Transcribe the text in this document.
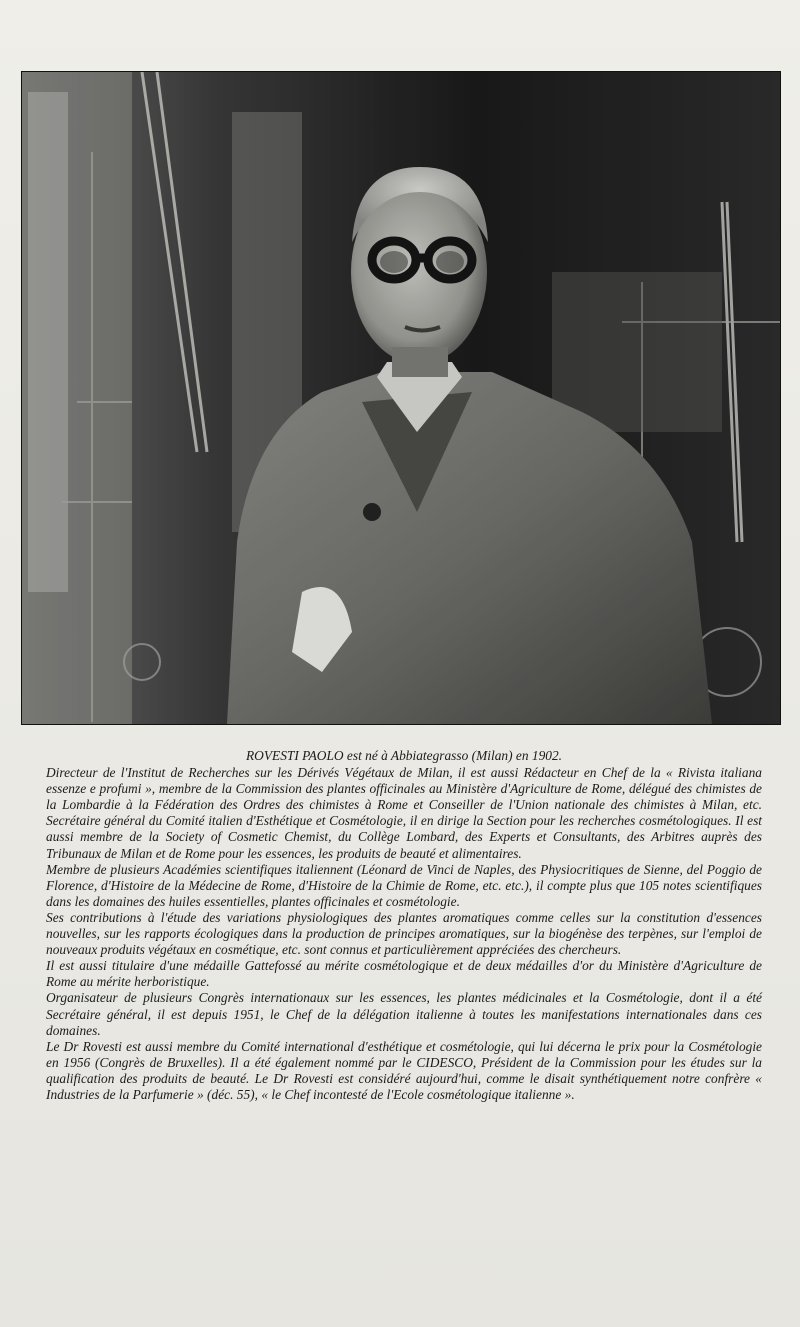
ROVESTI PAOLO est né à Abbiategrasso (Milan) en 1902.

Directeur de l'Institut de Recherches sur les Dérivés Végétaux de Milan, il est aussi Rédacteur en Chef de la « Rivista italiana essenze e profumi », membre de la Commission des plantes officinales au Ministère d'Agriculture de Rome, délégué des chimistes de la Lombardie à la Fédération des Ordres des chimistes à Rome et Conseiller de l'Union nationale des chimistes à Milan, etc. Secrétaire général du Comité italien d'Esthétique et Cosmétologie, il en dirige la Section pour les recherches cosmétologiques. Il est aussi membre de la Society of Cosmetic Chemist, du Collège Lombard, des Experts et Consultants, des Arbitres auprès des Tribunaux de Milan et de Rome pour les essences, les produits de beauté et alimentaires.

Membre de plusieurs Académies scientifiques italiennent (Léonard de Vinci de Naples, des Physiocritiques de Sienne, del Poggio de Florence, d'Histoire de la Médecine de Rome, d'Histoire de la Chimie de Rome, etc. etc.), il compte plus que 105 notes scientifiques dans les domaines des huiles essentielles, plantes officinales et cosmétologie.

Ses contributions à l'étude des variations physiologiques des plantes aromatiques comme celles sur la constitution d'essences nouvelles, sur les rapports écologiques dans la production de principes aromatiques, sur la biogénèse des terpènes, sur l'emploi de nouveaux produits végétaux en cosmétique, etc. sont connus et particulièrement appréciées des chercheurs.

Il est aussi titulaire d'une médaille Gattefossé au mérite cosmétologique et de deux médailles d'or du Ministère d'Agriculture de Rome au mérite herboristique.

Organisateur de plusieurs Congrès internationaux sur les essences, les plantes médicinales et la Cosmétologie, dont il a été Secrétaire général, il est depuis 1951, le Chef de la délégation italienne à toutes les manifestations internationales dans ces domaines.

Le Dr Rovesti est aussi membre du Comité international d'esthétique et cosmétologie, qui lui décerna le prix pour la Cosmétologie en 1956 (Congrès de Bruxelles). Il a été également nommé par le CIDESCO, Président de la Commission pour les études sur la qualification des produits de beauté. Le Dr Rovesti est considéré aujourd'hui, comme le disait synthétiquement notre confrère « Industries de la Parfumerie » (déc. 55), « le Chef incontesté de l'Ecole cosmétologique italienne ».
